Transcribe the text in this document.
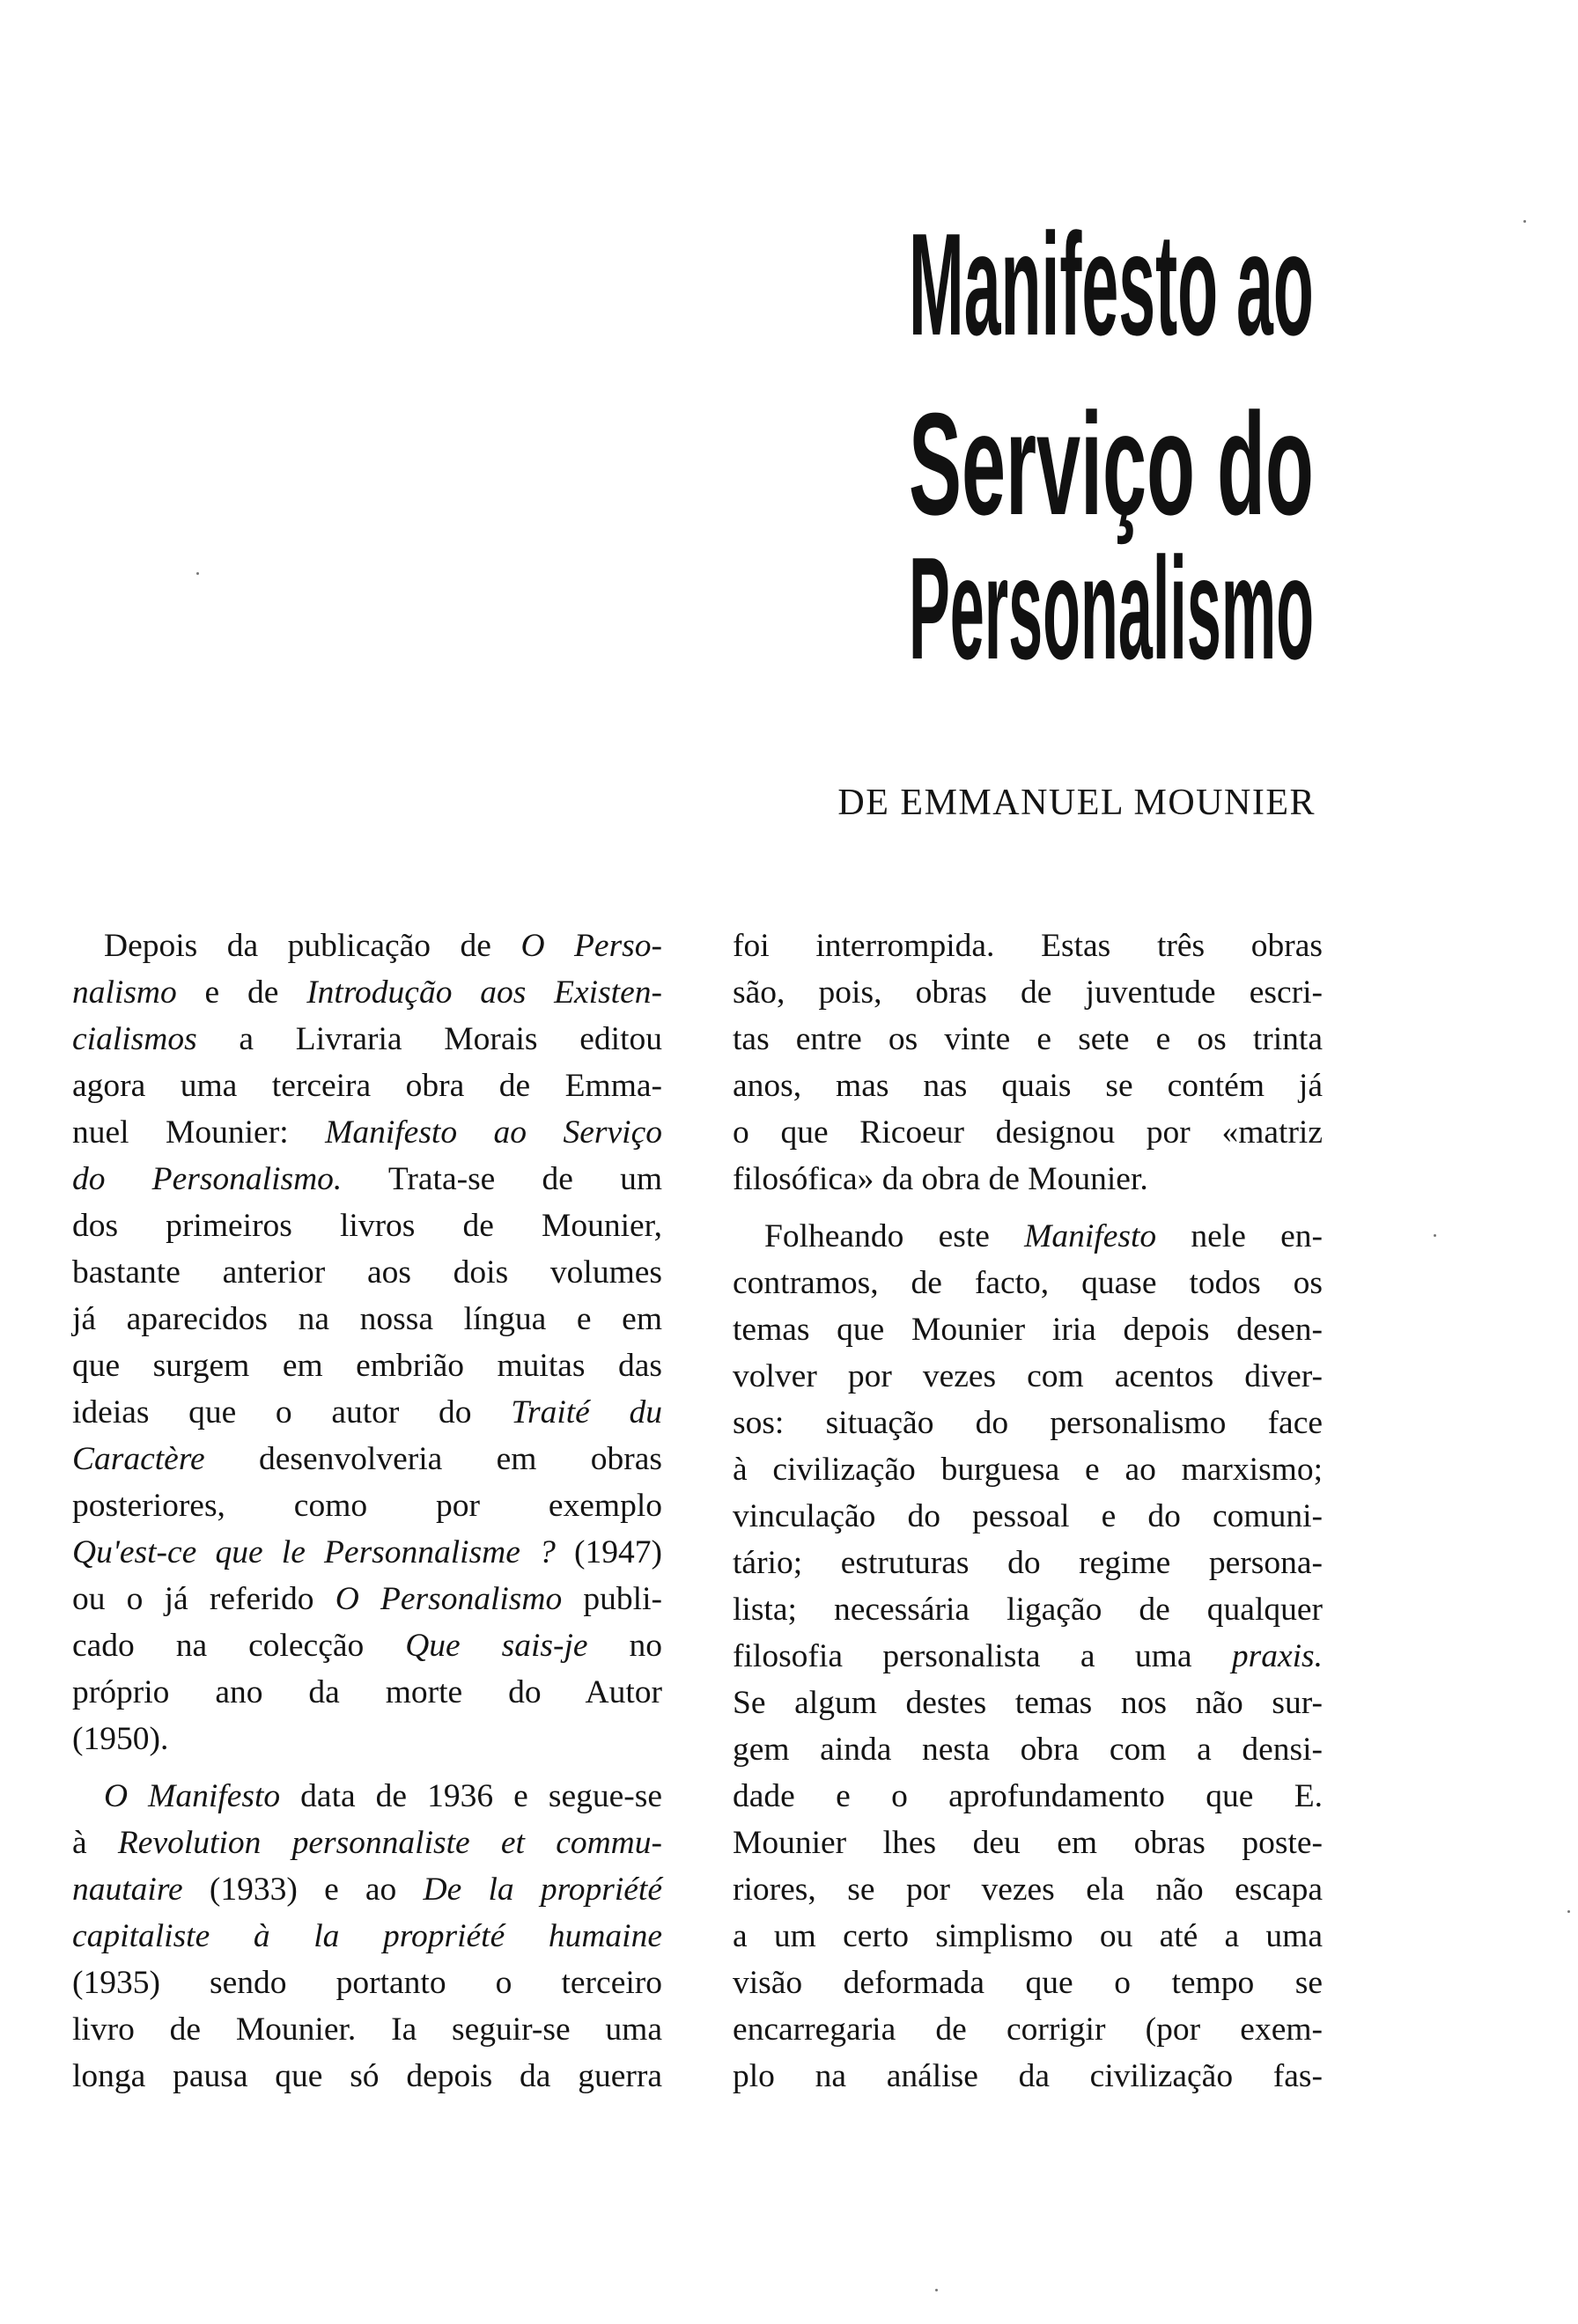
Manifesto ao
Serviço do
Personalismo
DE EMMANUEL MOUNIER
Depois da publicação de O Perso-
nalismo e de Introdução aos Existen-
cialismos a Livraria Morais editou
agora uma terceira obra de Emma-
nuel Mounier: Manifesto ao Serviço
do Personalismo. Trata-se de um
dos primeiros livros de Mounier,
bastante anterior aos dois volumes
já aparecidos na nossa língua e em
que surgem em embrião muitas das
ideias que o autor do Traité du
Caractère desenvolveria em obras
posteriores, como por exemplo
Qu'est-ce que le Personnalisme ? (1947)
ou o já referido O Personalismo publi-
cado na colecção Que sais-je no
próprio ano da morte do Autor
(1950).
O Manifesto data de 1936 e segue-se
à Revolution personnaliste et commu-
nautaire (1933) e ao De la propriété
capitaliste à la propriété humaine
(1935) sendo portanto o terceiro
livro de Mounier. Ia seguir-se uma
longa pausa que só depois da guerra
foi interrompida. Estas três obras
são, pois, obras de juventude escri-
tas entre os vinte e sete e os trinta
anos, mas nas quais se contém já
o que Ricoeur designou por «matriz
filosófica» da obra de Mounier.
Folheando este Manifesto nele en-
contramos, de facto, quase todos os
temas que Mounier iria depois desen-
volver por vezes com acentos diver-
sos: situação do personalismo face
à civilização burguesa e ao marxismo;
vinculação do pessoal e do comuni-
tário; estruturas do regime persona-
lista; necessária ligação de qualquer
filosofia personalista a uma praxis.
Se algum destes temas nos não sur-
gem ainda nesta obra com a densi-
dade e o aprofundamento que E.
Mounier lhes deu em obras poste-
riores, se por vezes ela não escapa
a um certo simplismo ou até a uma
visão deformada que o tempo se
encarregaria de corrigir (por exem-
plo na análise da civilização fas-
